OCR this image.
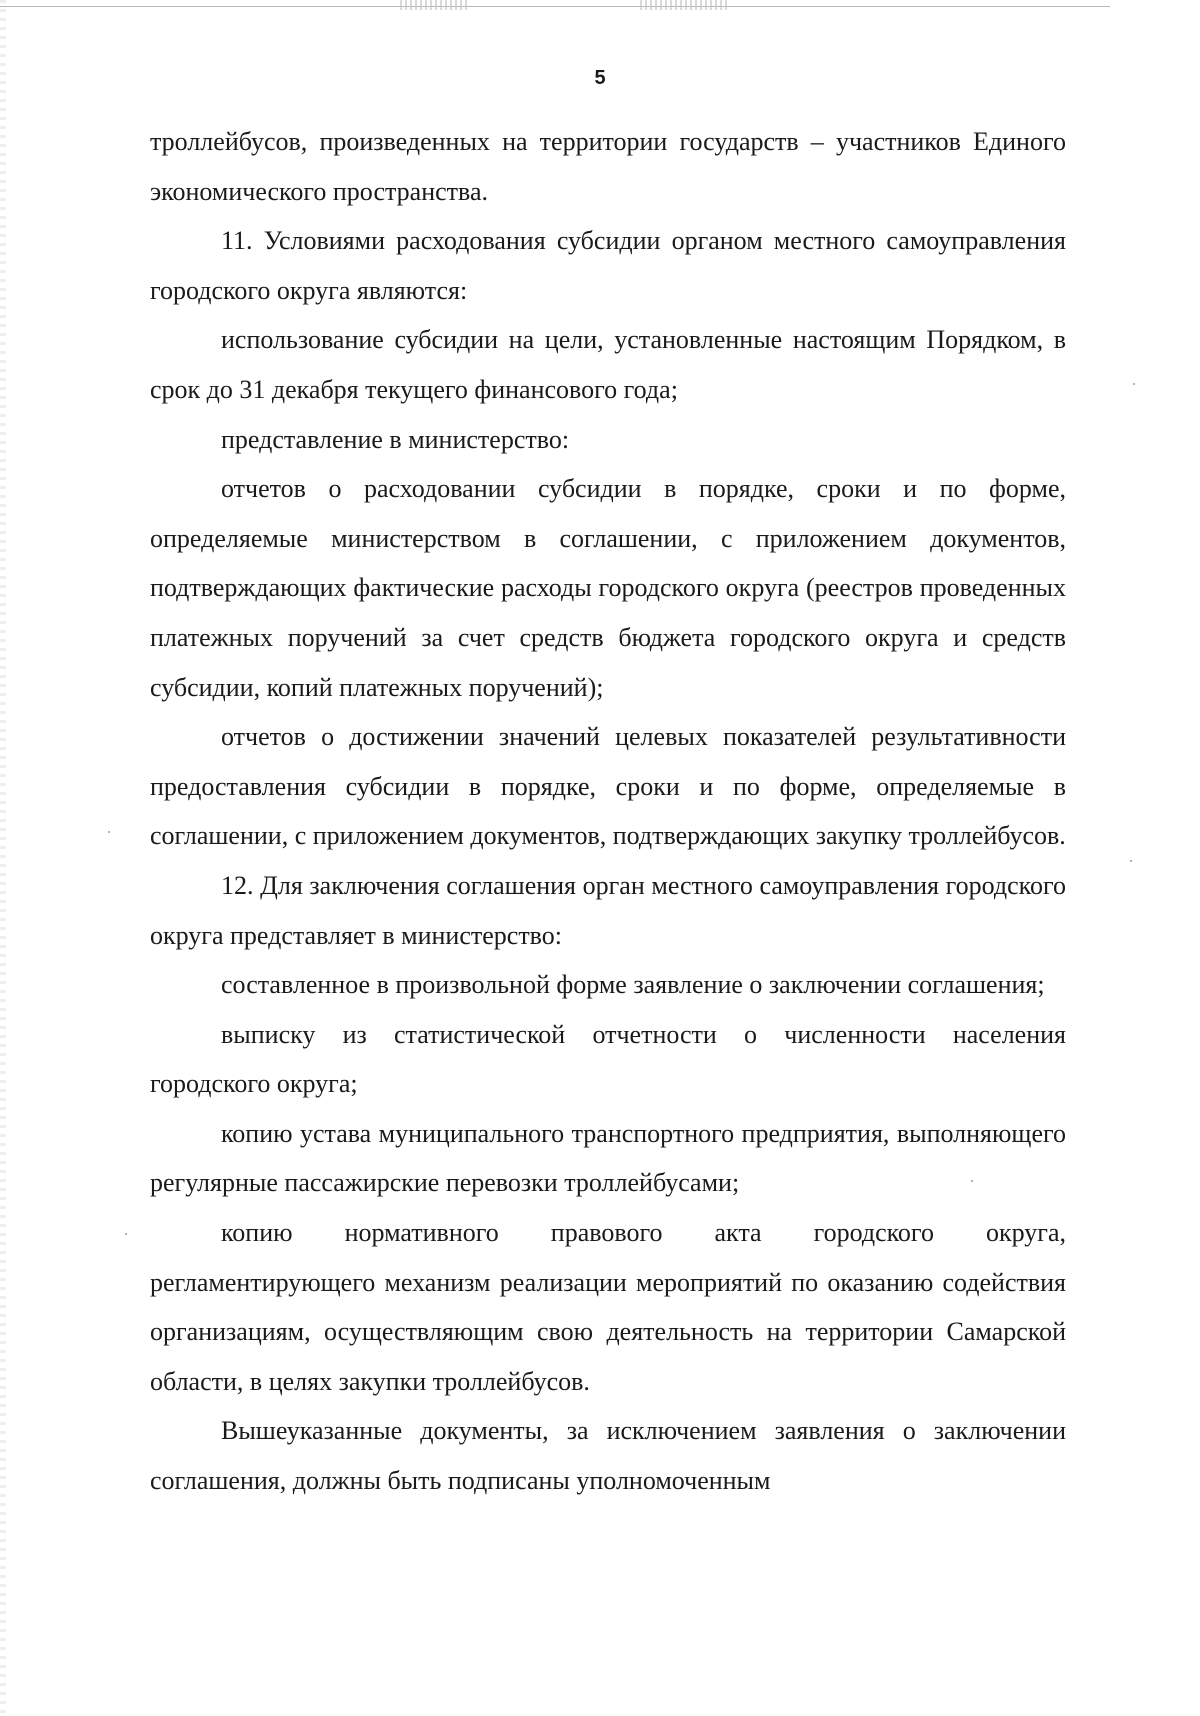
5

троллейбусов, произведенных на территории государств – участников Единого экономического пространства.

11. Условиями расходования субсидии органом местного самоуправления городского округа являются:

использование субсидии на цели, установленные настоящим Порядком, в срок до 31 декабря текущего финансового года;

представление в министерство:

отчетов о расходовании субсидии в порядке, сроки и по форме, определяемые министерством в соглашении, с приложением документов, подтверждающих фактические расходы городского округа (реестров проведенных платежных поручений за счет средств бюджета городского округа и средств субсидии, копий платежных поручений);

отчетов о достижении значений целевых показателей результативности предоставления субсидии в порядке, сроки и по форме, определяемые в соглашении, с приложением документов, подтверждающих закупку троллейбусов.

12. Для заключения соглашения орган местного самоуправления городского округа представляет в министерство:

составленное в произвольной форме заявление о заключении соглашения;

выписку из статистической отчетности о численности населения городского округа;

копию устава муниципального транспортного предприятия, выполняющего регулярные пассажирские перевозки троллейбусами;

копию нормативного правового акта городского округа, регламентирующего механизм реализации мероприятий по оказанию содействия организациям, осуществляющим свою деятельность на территории Самарской области, в целях закупки троллейбусов.

Вышеуказанные документы, за исключением заявления о заключении соглашения, должны быть подписаны уполномоченным
